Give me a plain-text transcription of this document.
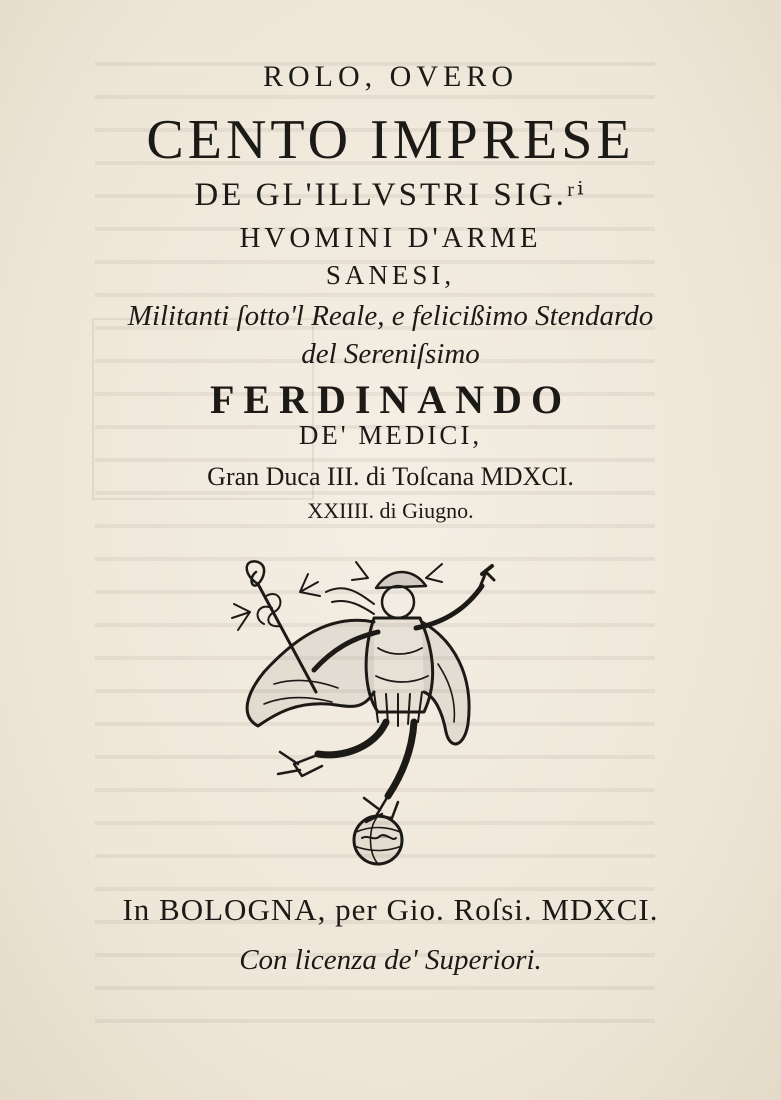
ROLO, OVERO
CENTO IMPRESE
DE GL'ILLVSTRI SIG.ʳⁱ
HVOMINI D'ARME
SANESI,
Militanti ſotto'l Reale, e felicißimo Stendardo
del Sereniſsimo
FERDINANDO
DE' MEDICI,
Gran Duca III. di Toſcana MDXCI.
XXIIII. di Giugno.
In BOLOGNA, per Gio. Roſsi. MDXCI.
Con licenza de' Superiori.
